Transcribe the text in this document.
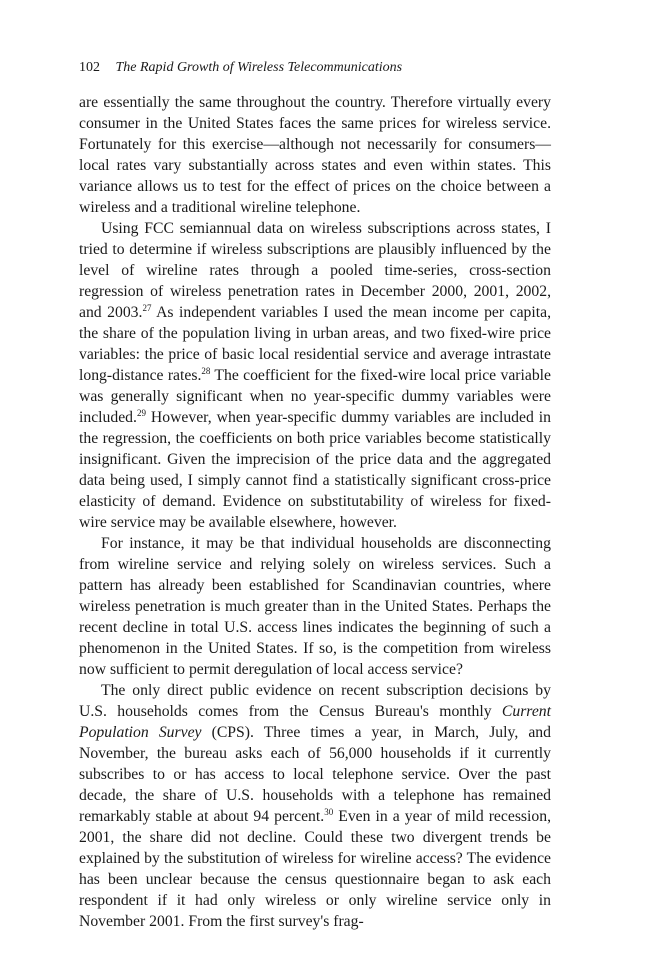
102 The Rapid Growth of Wireless Telecommunications

are essentially the same throughout the country. Therefore virtually every consumer in the United States faces the same prices for wireless service. Fortunately for this exercise—although not necessarily for consumers—local rates vary substantially across states and even within states. This variance allows us to test for the effect of prices on the choice between a wireless and a traditional wireline telephone.

Using FCC semiannual data on wireless subscriptions across states, I tried to determine if wireless subscriptions are plausibly influenced by the level of wireline rates through a pooled time-series, cross-section regression of wireless penetration rates in December 2000, 2001, 2002, and 2003.27 As independent variables I used the mean income per capita, the share of the population living in urban areas, and two fixed-wire price variables: the price of basic local residential service and average intrastate long-distance rates.$^{28}$ The coefficient for the fixed-wire local price variable was generally significant when no year-specific dummy variables were included.$^{29}$ However, when year-specific dummy variables are included in the regression, the coefficients on both price variables become statistically insignificant. Given the imprecision of the price data and the aggregated data being used, I simply cannot find a statistically significant cross-price elasticity of demand. Evidence on substitutability of wireless for fixed-wire service may be available elsewhere, however.

For instance, it may be that individual households are disconnecting from wireline service and relying solely on wireless services. Such a pattern has already been established for Scandinavian countries, where wireless penetration is much greater than in the United States. Perhaps the recent decline in total U.S. access lines indicates the beginning of such a phenomenon in the United States. If so, is the competition from wireless now sufficient to permit deregulation of local access service?

The only direct public evidence on recent subscription decisions by U.S. households comes from the Census Bureau's monthly Current Population Survey (CPS). Three times a year, in March, July, and November, the bureau asks each of 56,000 households if it currently subscribes to or has access to local telephone service. Over the past decade, the share of U.S. households with a telephone has remained remarkably stable at about 94 percent.$^{30}$ Even in a year of mild recession, 2001, the share did not decline. Could these two divergent trends be explained by the substitution of wireless for wireline access? The evidence has been unclear because the census questionnaire began to ask each respondent if it had only wireless or only wireline service only in November 2001. From the first survey's frag-
